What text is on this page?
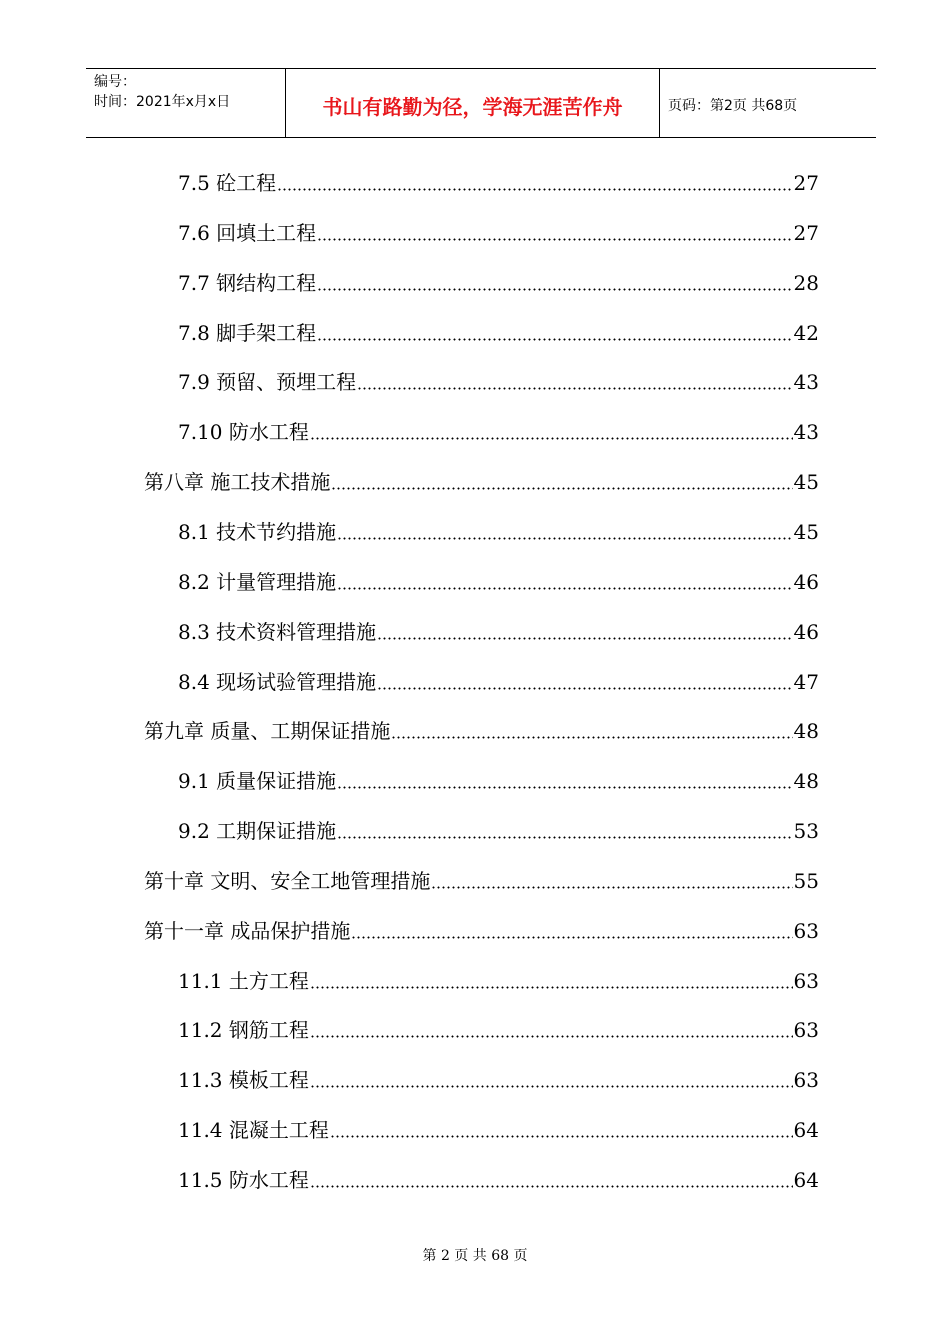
编号：
时间：2021年x月x日	书山有路勤为径，学海无涯苦作舟	页码：第2页 共68页
7.5 砼工程	27
7.6 回填土工程	27
7.7 钢结构工程	28
7.8 脚手架工程	42
7.9 预留、预埋工程	43
7.10 防水工程	43
第八章 施工技术措施	45
8.1 技术节约措施	45
8.2 计量管理措施	46
8.3 技术资料管理措施	46
8.4 现场试验管理措施	47
第九章 质量、工期保证措施	48
9.1 质量保证措施	48
9.2 工期保证措施	53
第十章 文明、安全工地管理措施	55
第十一章 成品保护措施	63
11.1 土方工程	63
11.2 钢筋工程	63
11.3 模板工程	63
11.4 混凝土工程	64
11.5 防水工程	64
第 2 页 共 68 页
